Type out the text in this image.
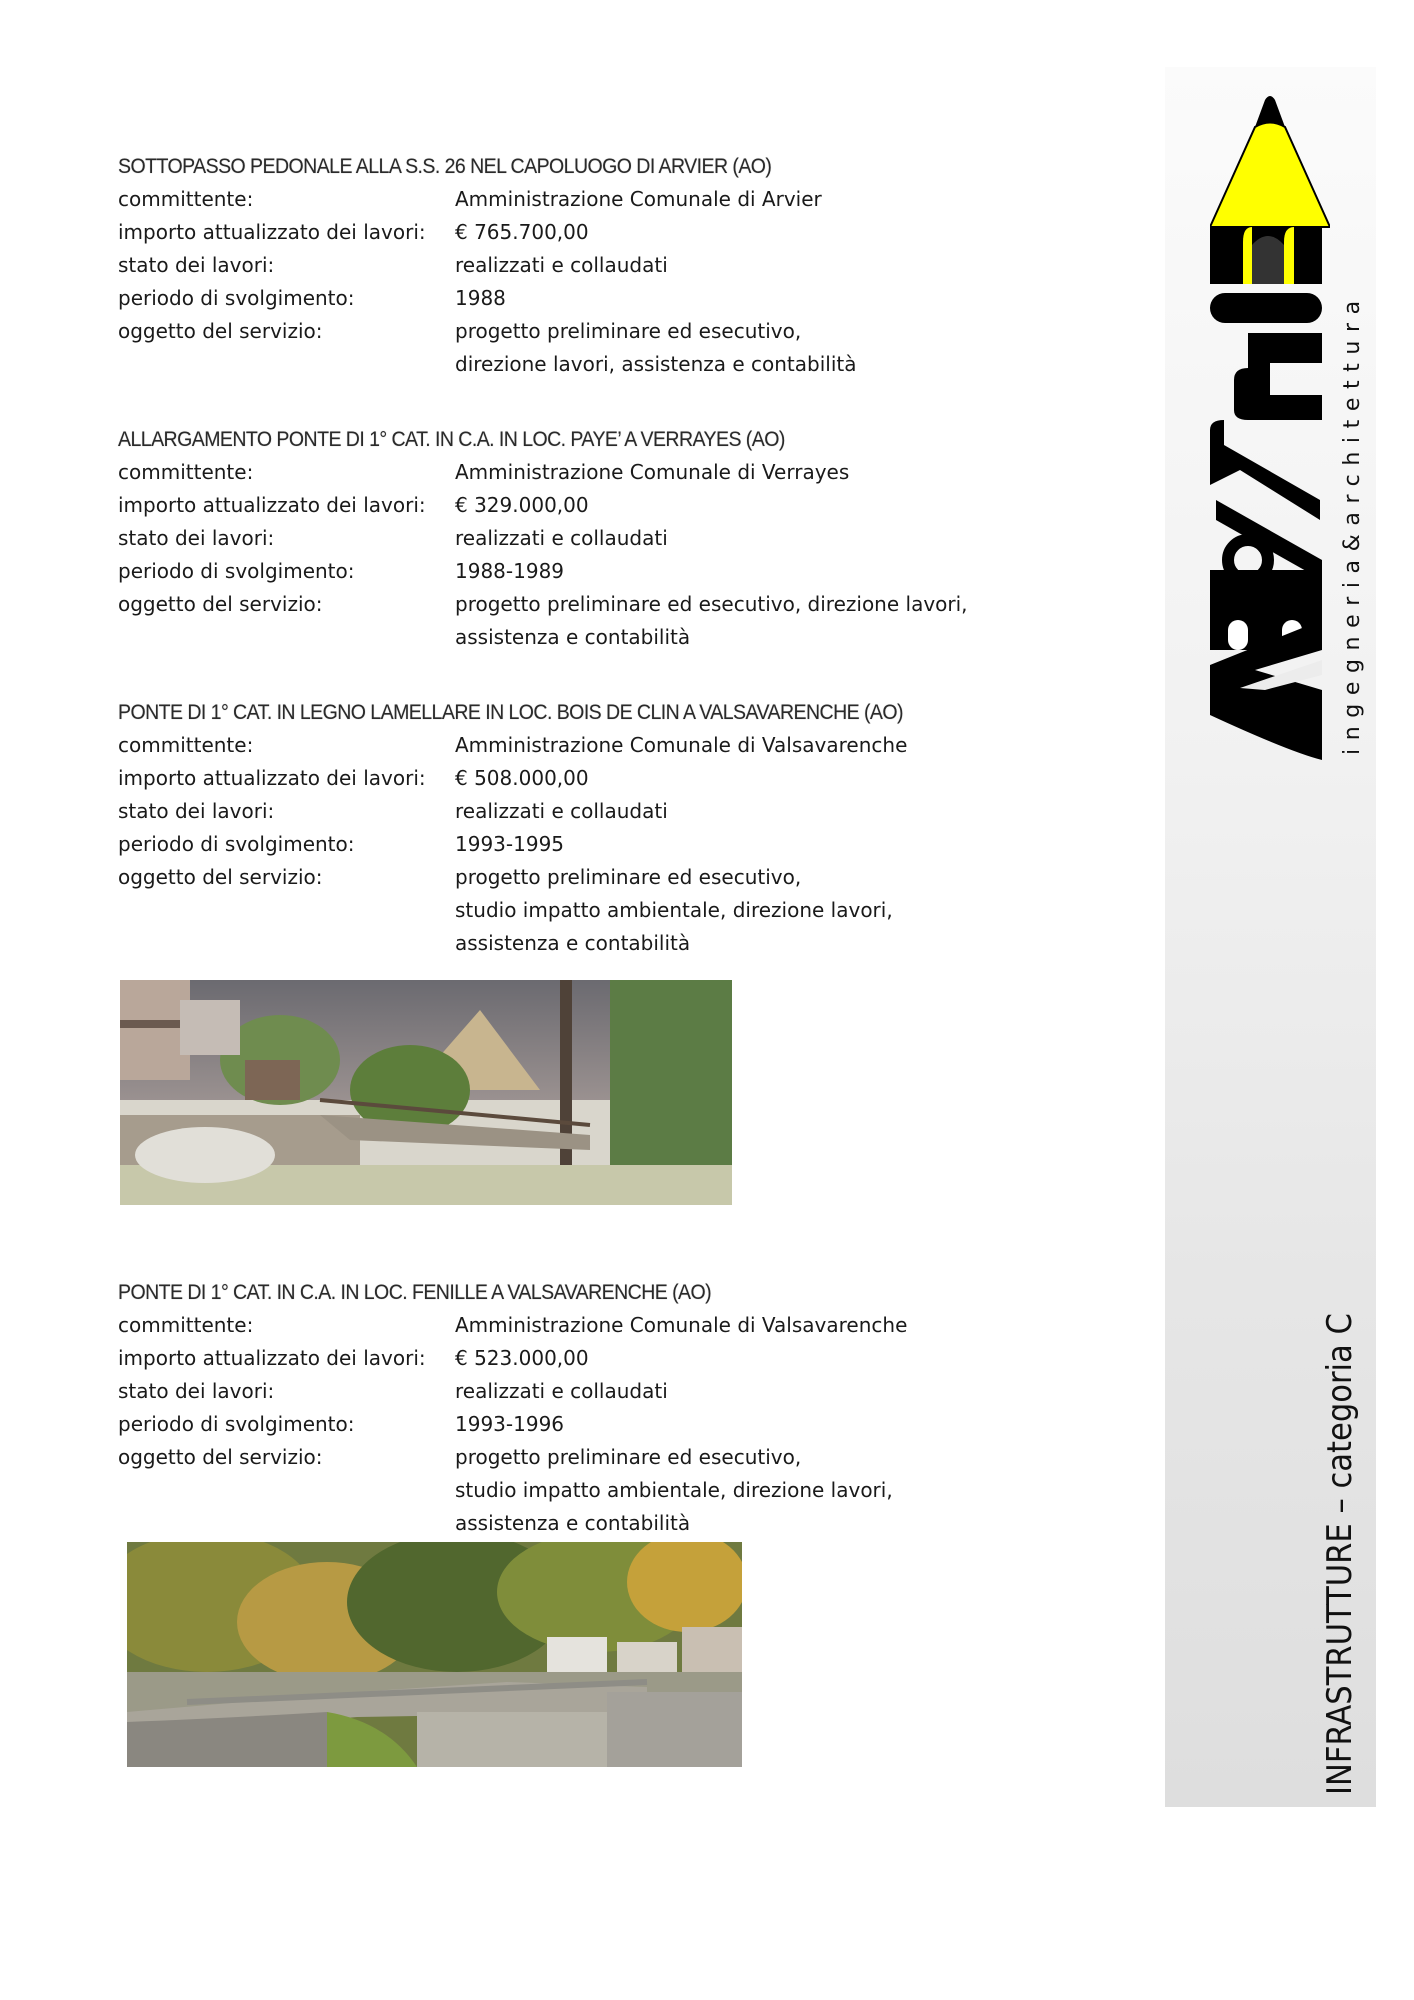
ingegneria&architettura
INFRASTRUTTURE – categoria C
SOTTOPASSO PEDONALE ALLA S.S. 26 NEL CAPOLUOGO DI ARVIER (AO)
committente:	Amministrazione Comunale di Arvier
importo attualizzato dei lavori:	€ 765.700,00
stato dei lavori:	realizzati e collaudati
periodo di svolgimento:	1988
oggetto del servizio:	progetto preliminare ed esecutivo,
direzione lavori, assistenza e contabilità
ALLARGAMENTO PONTE DI 1° CAT. IN C.A. IN LOC. PAYE’ A VERRAYES (AO)
committente:	Amministrazione Comunale di Verrayes
importo attualizzato dei lavori:	€ 329.000,00
stato dei lavori:	realizzati e collaudati
periodo di svolgimento:	1988-1989
oggetto del servizio:	progetto preliminare ed esecutivo, direzione lavori,
assistenza e contabilità
PONTE DI 1° CAT. IN LEGNO LAMELLARE IN LOC. BOIS DE CLIN A VALSAVARENCHE (AO)
committente:	Amministrazione Comunale di Valsavarenche
importo attualizzato dei lavori:	€ 508.000,00
stato dei lavori:	realizzati e collaudati
periodo di svolgimento:	1993-1995
oggetto del servizio:	progetto preliminare ed esecutivo,
studio impatto ambientale, direzione lavori,
assistenza e contabilità
PONTE DI 1° CAT. IN C.A. IN LOC. FENILLE A VALSAVARENCHE (AO)
committente:	Amministrazione Comunale di Valsavarenche
importo attualizzato dei lavori:	€ 523.000,00
stato dei lavori:	realizzati e collaudati
periodo di svolgimento:	1993-1996
oggetto del servizio:	progetto preliminare ed esecutivo,
studio impatto ambientale, direzione lavori,
assistenza e contabilità
